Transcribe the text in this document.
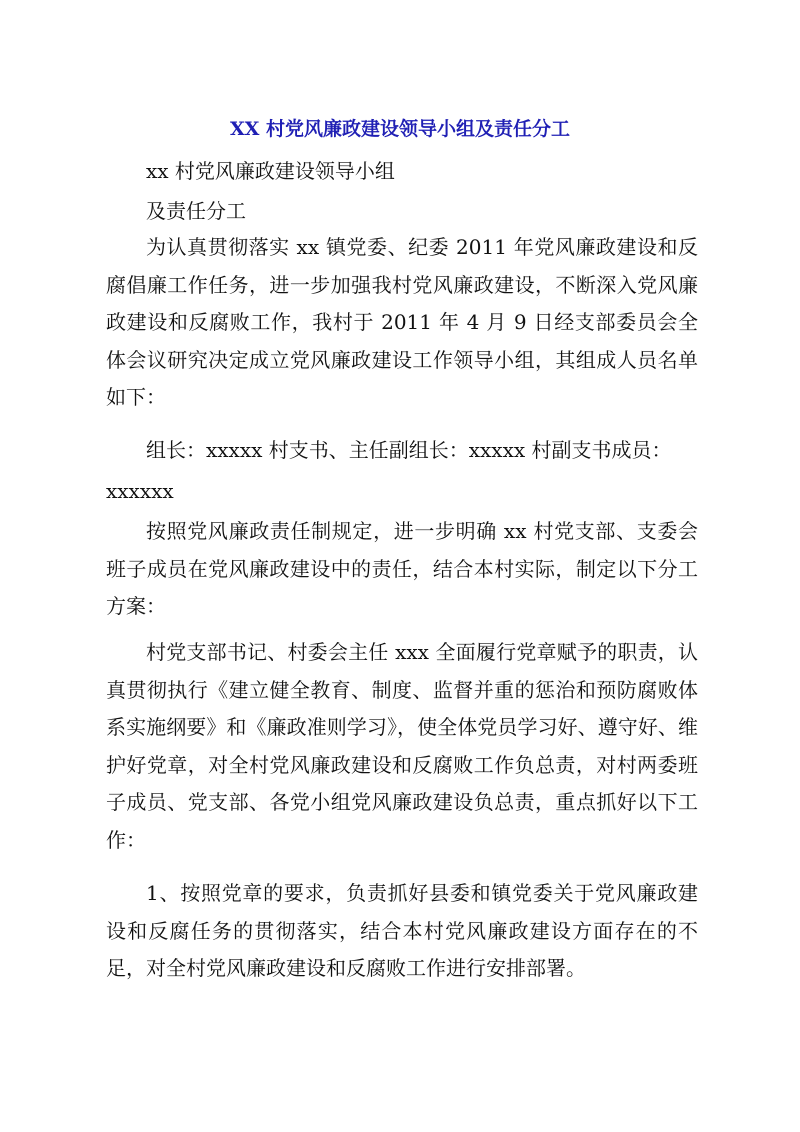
XX 村党风廉政建设领导小组及责任分工
xx 村党风廉政建设领导小组
及责任分工

为认真贯彻落实 xx 镇党委、纪委 2011 年党风廉政建设和反腐倡廉工作任务，进一步加强我村党风廉政建设，不断深入党风廉政建设和反腐败工作，我村于 2011 年 4 月 9 日经支部委员会全体会议研究决定成立党风廉政建设工作领导小组，其组成人员名单如下：

组长：xxxxx 村支书、主任副组长：xxxxx 村副支书成员：

xxxxxx

按照党风廉政责任制规定，进一步明确 xx 村党支部、支委会班子成员在党风廉政建设中的责任，结合本村实际，制定以下分工方案：

村党支部书记、村委会主任 xxx 全面履行党章赋予的职责，认真贯彻执行《建立健全教育、制度、监督并重的惩治和预防腐败体系实施纲要》和《廉政准则学习》，使全体党员学习好、遵守好、维护好党章，对全村党风廉政建设和反腐败工作负总责，对村两委班子成员、党支部、各党小组党风廉政建设负总责，重点抓好以下工作：

1、按照党章的要求，负责抓好县委和镇党委关于党风廉政建设和反腐任务的贯彻落实，结合本村党风廉政建设方面存在的不足，对全村党风廉政建设和反腐败工作进行安排部署。
